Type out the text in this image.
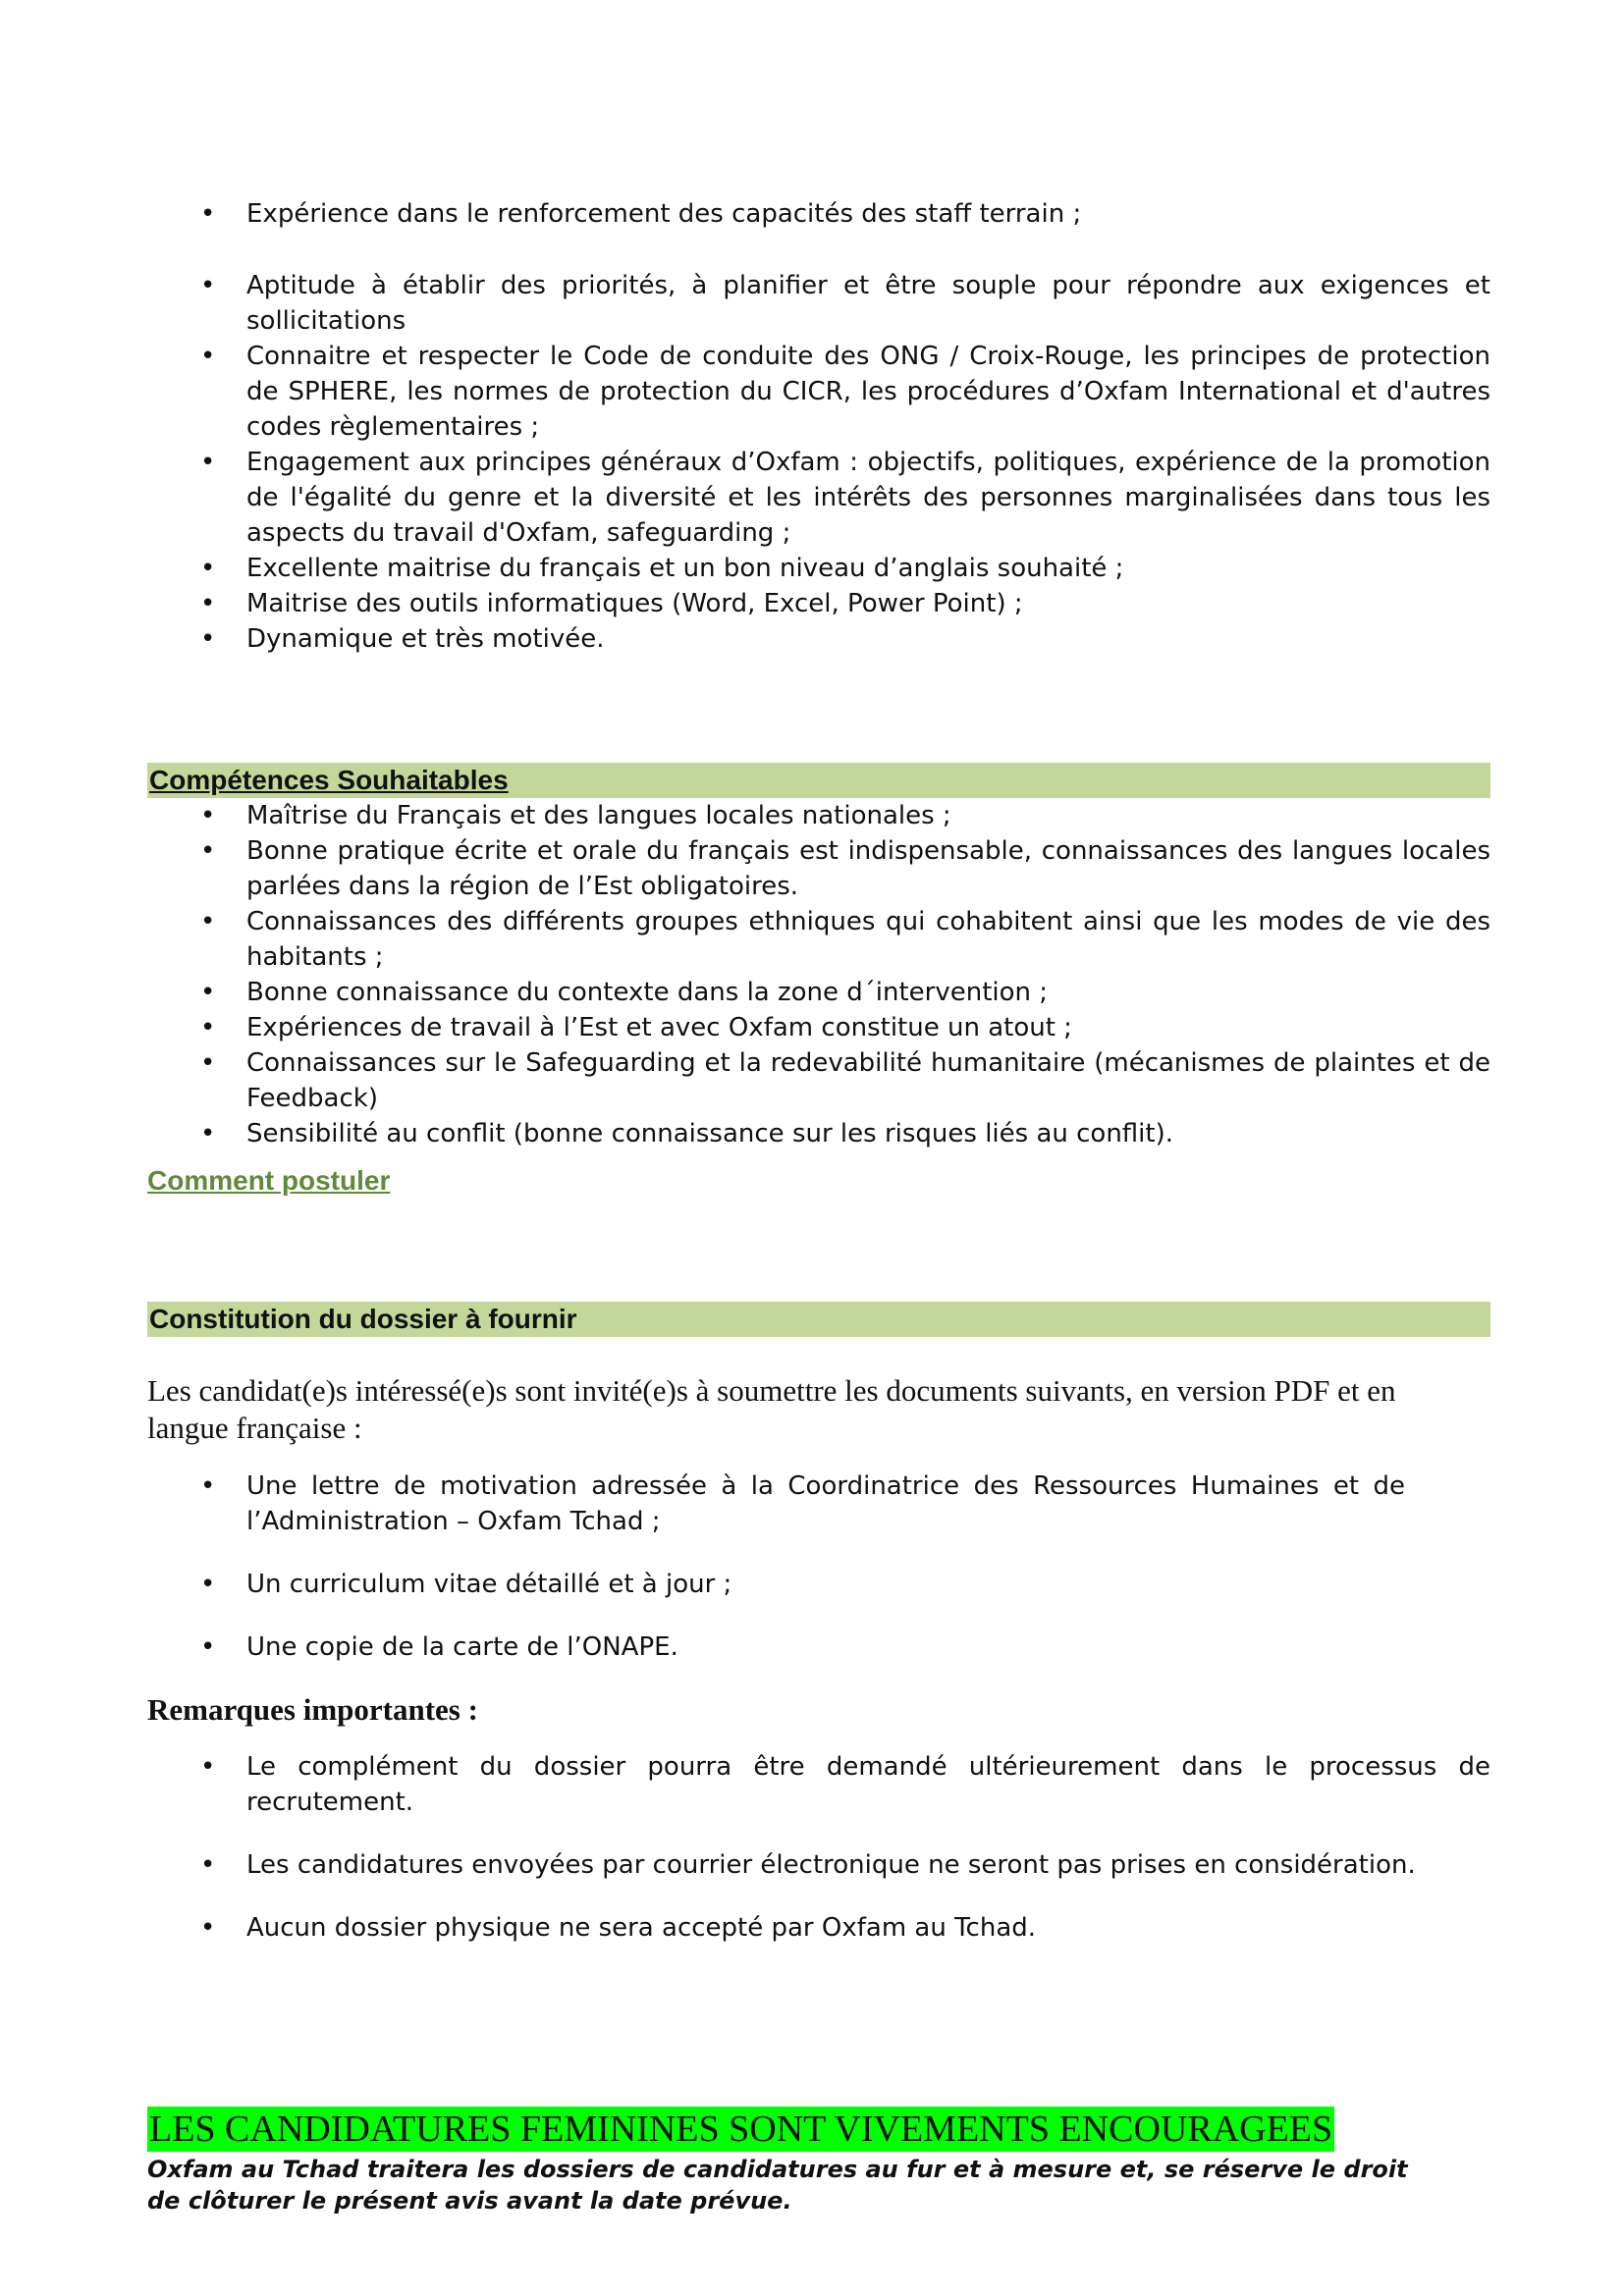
• Expérience dans le renforcement des capacités des staff terrain ;
• Aptitude à établir des priorités, à planifier et être souple pour répondre aux exigences et sollicitations
• Connaitre et respecter le Code de conduite des ONG / Croix-Rouge, les principes de protection de SPHERE, les normes de protection du CICR, les procédures d’Oxfam International et d'autres codes règlementaires ;
• Engagement aux principes généraux d’Oxfam : objectifs, politiques, expérience de la promotion de l'égalité du genre et la diversité et les intérêts des personnes marginalisées dans tous les aspects du travail d'Oxfam, safeguarding ;
• Excellente maitrise du français et un bon niveau d’anglais souhaité ;
• Maitrise des outils informatiques (Word, Excel, Power Point) ;
• Dynamique et très motivée.
Compétences Souhaitables
• Maîtrise du Français et des langues locales nationales ;
• Bonne pratique écrite et orale du français est indispensable, connaissances des langues locales parlées dans la région de l’Est obligatoires.
• Connaissances des différents groupes ethniques qui cohabitent ainsi que les modes de vie des habitants ;
• Bonne connaissance du contexte dans la zone d´intervention ;
• Expériences de travail à l’Est et avec Oxfam constitue un atout ;
• Connaissances sur le Safeguarding et la redevabilité humanitaire (mécanismes de plaintes et de Feedback)
• Sensibilité au conflit (bonne connaissance sur les risques liés au conflit).
Comment postuler
Constitution du dossier à fournir
Les candidat(e)s intéressé(e)s sont invité(e)s à soumettre les documents suivants, en version PDF et en langue française :
• Une lettre de motivation adressée à la Coordinatrice des Ressources Humaines et de l’Administration – Oxfam Tchad ;
• Un curriculum vitae détaillé et à jour ;
• Une copie de la carte de l’ONAPE.
Remarques importantes :
• Le complément du dossier pourra être demandé ultérieurement dans le processus de recrutement.
• Les candidatures envoyées par courrier électronique ne seront pas prises en considération.
• Aucun dossier physique ne sera accepté par Oxfam au Tchad.
LES CANDIDATURES FEMININES SONT VIVEMENTS ENCOURAGEES
Oxfam au Tchad traitera les dossiers de candidatures au fur et à mesure et, se réserve le droit de clôturer le présent avis avant la date prévue.
